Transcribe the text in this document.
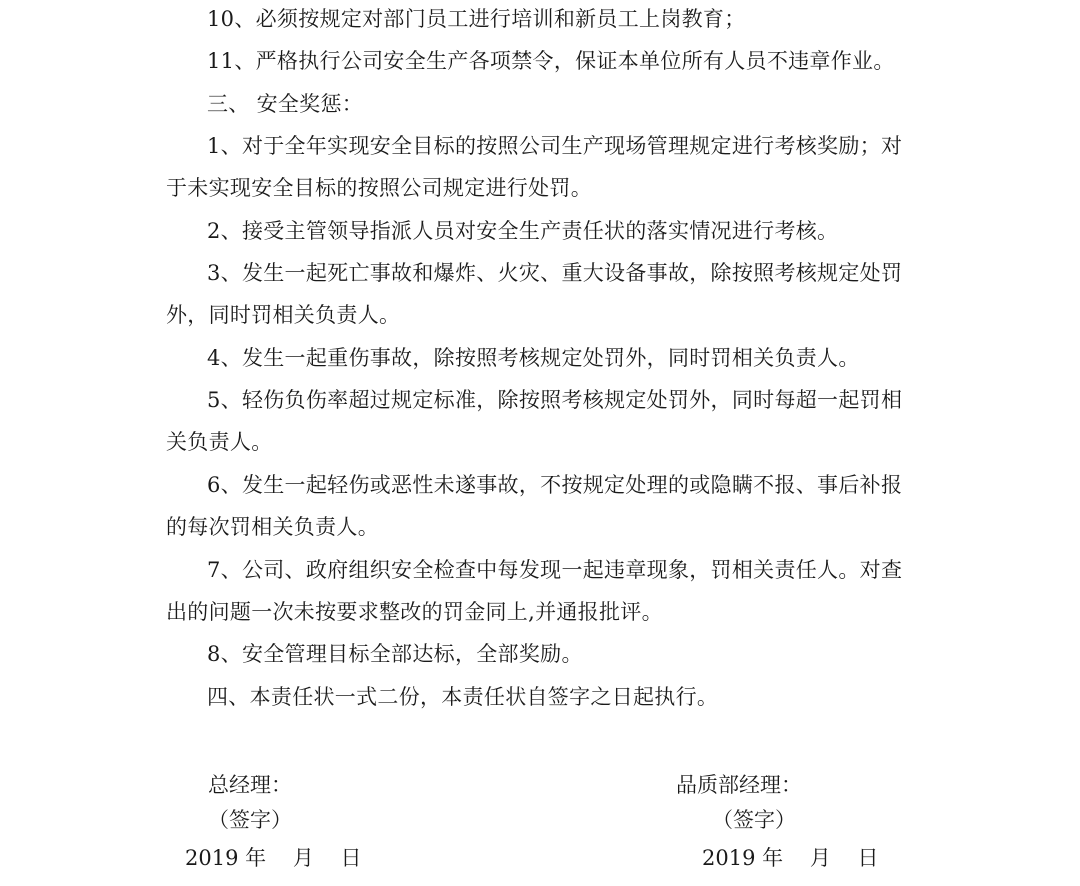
10、必须按规定对部门员工进行培训和新员工上岗教育；
11、严格执行公司安全生产各项禁令，保证本单位所有人员不违章作业。
三、 安全奖惩：
1、对于全年实现安全目标的按照公司生产现场管理规定进行考核奖励；对
于未实现安全目标的按照公司规定进行处罚。
2、接受主管领导指派人员对安全生产责任状的落实情况进行考核。
3、发生一起死亡事故和爆炸、火灾、重大设备事故，除按照考核规定处罚
外，同时罚相关负责人。
4、发生一起重伤事故，除按照考核规定处罚外，同时罚相关负责人。
5、轻伤负伤率超过规定标准，除按照考核规定处罚外，同时每超一起罚相
关负责人。
6、发生一起轻伤或恶性未遂事故，不按规定处理的或隐瞒不报、事后补报
的每次罚相关负责人。
7、公司、政府组织安全检查中每发现一起违章现象，罚相关责任人。对查
出的问题一次未按要求整改的罚金同上,并通报批评。
8、安全管理目标全部达标，全部奖励。
四、本责任状一式二份，本责任状自签字之日起执行。
总经理：
（签字）
2019 年    月    日
品质部经理：
（签字）
2019 年    月    日
